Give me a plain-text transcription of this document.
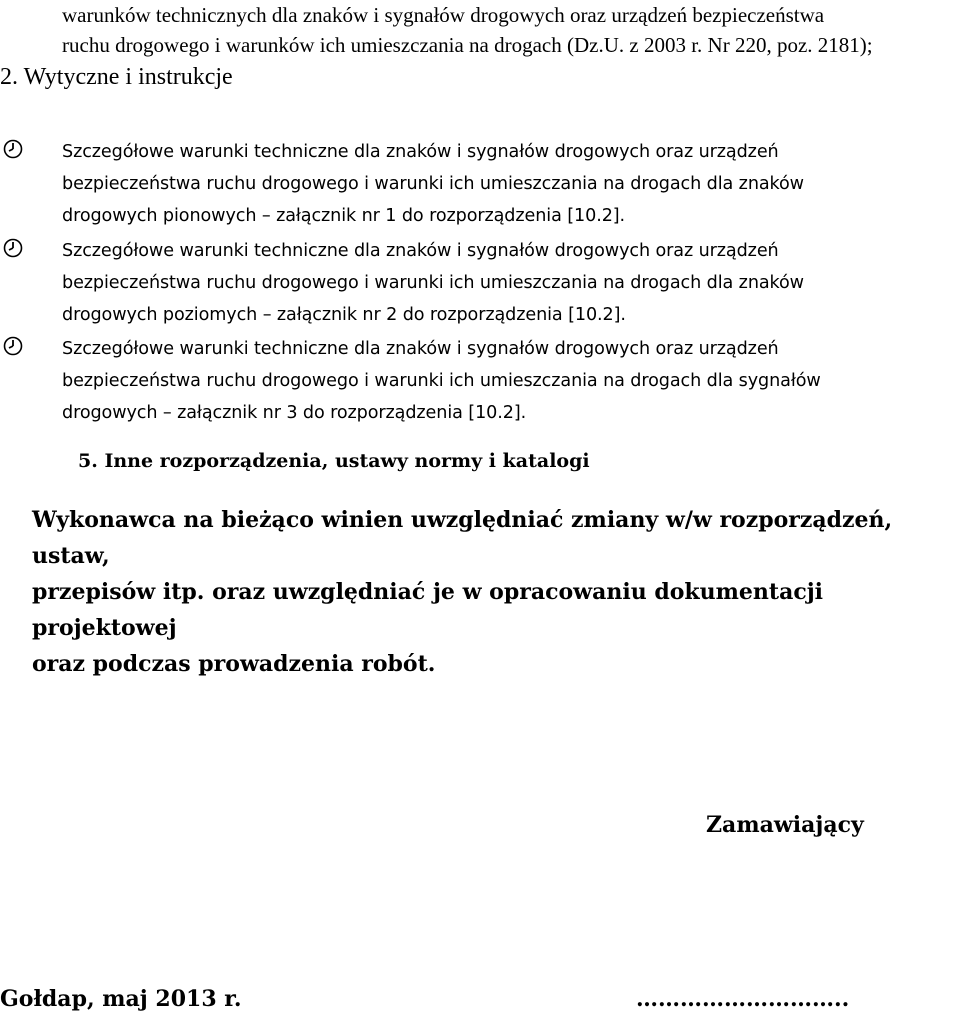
warunków technicznych dla znaków i sygnałów drogowych oraz urządzeń bezpieczeństwa
ruchu drogowego i warunków ich umieszczania na drogach (Dz.U. z 2003 r. Nr 220, poz. 2181);
2. Wytyczne i instrukcje
Szczegółowe warunki techniczne dla znaków i sygnałów drogowych oraz urządzeń
bezpieczeństwa ruchu drogowego i warunki ich umieszczania na drogach dla znaków
drogowych pionowych – załącznik nr 1 do rozporządzenia [10.2].
Szczegółowe warunki techniczne dla znaków i sygnałów drogowych oraz urządzeń
bezpieczeństwa ruchu drogowego i warunki ich umieszczania na drogach dla znaków
drogowych poziomych – załącznik nr 2 do rozporządzenia [10.2].
Szczegółowe warunki techniczne dla znaków i sygnałów drogowych oraz urządzeń
bezpieczeństwa ruchu drogowego i warunki ich umieszczania na drogach dla sygnałów
drogowych – załącznik nr 3 do rozporządzenia [10.2].
5. Inne rozporządzenia, ustawy normy i katalogi
Wykonawca na bieżąco winien uwzględniać zmiany w/w rozporządzeń, ustaw,
przepisów itp. oraz uwzględniać je w opracowaniu dokumentacji projektowej
oraz podczas prowadzenia robót.
Zamawiający
Gołdap, maj 2013 r.	………………………..
